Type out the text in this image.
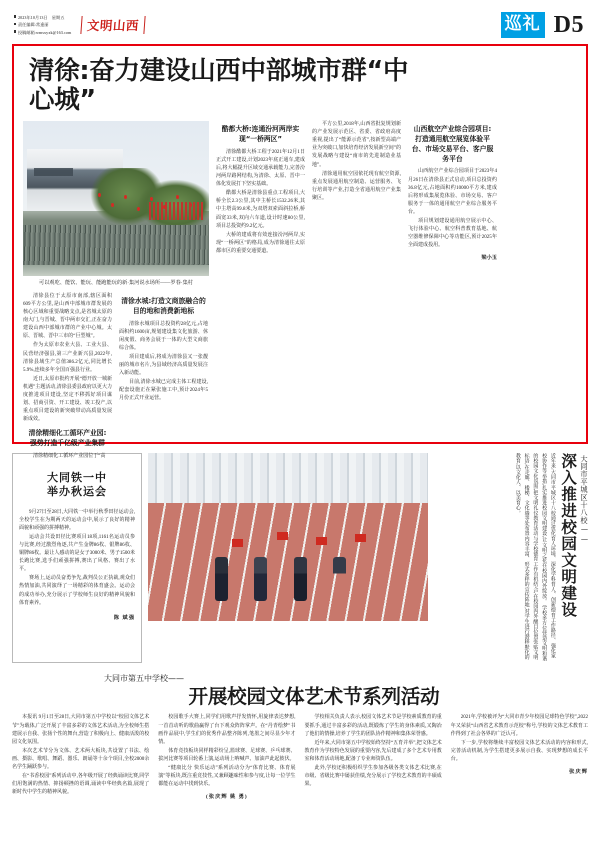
2023年10月13日　星期五
责任编辑:常逢丽
投稿邮箱:wmsxyxk@163.com	文明山西	巡礼 D5
清徐:奋力建设山西中部城市群“中心城”
可以观吃、能饮、能玩、能跑能玩的新·集河说水场所——罗春·集村

清徐县位于太原市南部,辖区面积609平方公里,是山西中部城市群发展的核心区域和重要战略支点,是省城太原的南大门,与晋城、晋中两市交汇,正在奋力建设山西中部城市群的产业中心城。太原、晋城、晋中三市的“巨型城”。

作为太原市农业大县、工业大县、民营经济强县,第三产业新兴县,2022年,清徐县域生产总值386.2亿元,同比增长5.9%,连续多年全国百强县行业。

近日,太原市批约开展“德开放一城新机遇”主题活动,清徐县委县政府以更大力度推进项目建设,坚定不移抓好项目谋划、招商引资、开工建设、竣工投产,以重点项目建设的新突破带动高质量发展新成效。

清徐精细化工循环产业园: 强势打造千亿级产业集群

清徐精细化工循环产业园位于“高

清徐水城:打造文商旅融合的目的地和消费新地标

清徐水城项目总投资约28亿元,占地面积约1600亩,规划建设集文化旅游、休闲度假、商务会展于一体的大型文商旅综合体。

项目建成后,将成为清徐县又一张靓丽的城市名片,为县域经济高质量发展注入新动能。

目前,清徐水城已完成主体工程建设,配套设施正在紧张施工中,预计2024年5月份正式开业运营。

酷都大桥:连通汾河两岸实现“一桥两区”

清徐酷都大桥工程于2021年12月1日正式开工建设,计划2023年底正通车,建成后,将大幅提升区域交通承载能力,完善汾河两岸路网结构,为清徐、太原、晋中一体化发展打下坚实基础。

酷都大桥是清徐县重点工程项目,大桥全长2.3公里,其中主桥长1532.26米,其中主塔高99.8米,为双塔双索面斜拉桥,桥面宽33米,双向六车道,设计时速80公里,项目总投资约9.2亿元。

大桥的建成将有效连接汾河两岸,实现“一桥两区”的格局,成为清徐通往太原都市区的重要交通要道。

平方公里,2018年,山西省批复规划新的产业发展示范区、省委、省政府高度重视,提出了“能源示范省”,按新型高端产业为突破口,加快培育经济发展新空间”的发展战略与建设“南市的先进制造业基地”。

清徐通用航空园依托现有航空资源,重点发展通用航空制造、运营服务、飞行培训等产业,打造全省通用航空产业集聚区。

山西航空产业综合园项目: 打造通用航空展览体验平台、市场交易平台、客户服务平台

山西航空产业综合园项目于2023年4月26日在清徐县正式启动,项目总投资约36.8亿元,占地面积约10000平方米,建成后将形成集展览体验、市场交易、客户服务于一体的通用航空产业综合服务平台。

项目规划建设通用航空展示中心、飞行体验中心、航空科普教育基地、航空器维修保障中心等功能区,预计2025年全面建成投用。

梁小玉
大同铁一中
举办秋运会

9月27日至28日,大同铁一中举行秋季田径运动会,全校学生在为期两天的运动会中,展示了良好的精神面貌和顽强的拼搏精神。

运动会共设田径比赛项目18项,1161名运动员参与比赛,经过激烈角逐,共产生金牌86枚、银牌86枚、铜牌86枚。最让人感动的是女子3000米、男子1500米长跑比赛,选手们顽强拼搏,赛出了风格、赛出了水平。

赛场上,运动员奋勇争先,裁判员公正执裁,观众们热情加油,共同演绎了一场精彩的体育盛会。运动会的成功举办,充分展示了学校师生良好的精神风貌和体育素养。

陈 斌强
大同市平城区十八校——
深入推进校园文明建设
近年来,大同市平城区十八校通过优化育人环境、深化学科育人、创新德育工作路径、强化家校协作等举措,扎实推进校园文明建设,让文明之花在校园内外绽放。 学校多方位营造文明和谐的校园文化氛围,把文明礼仪教育活动与学校德育工作有机结合,在校园内外醒目位置张贴文明标语,在走廊、楼梯、文化墙等处布置内容丰富、形式多样的宣传阵地,对学生进行潜移默化的教育,以文化人、以美育心。
大同市第五中学校——
开展校园文体艺术节系列活动

本报讯 9月1日至28日,大同市第五中学校以“校园文体艺术节”为载体,广泛开展了丰富多彩的文体艺术活动,为全校师生搭建展示自我、张扬个性的舞台,营造了积极向上、健康活泼的校园文化氛围。

本次艺术节分为文体、艺术两大板块,共设置了书法、绘画、摄影、歌唱、舞蹈、器乐、朗诵等十余个项目,全校2000余名学生踊跃参与。

在“书香校园”系列活动中,各年级开展了经典诵读比赛,同学们用饱满的热情、抑扬顿挫的语调,诵读中华经典名篇,展现了新时代中学生的精神风貌。

校园歌手大赛上,同学们用歌声抒发情怀,用旋律表达梦想,一首首动听的歌曲赢得了台下观众阵阵掌声。在“丹青绘梦”书画作品展中,学生们的优秀作品整齐陈列,笔墨之间尽显少年才情。

体育竞技板块同样精彩纷呈,篮球赛、足球赛、乒乓球赛、拔河比赛等项目轮番上演,运动场上呐喊声、加油声此起彼伏。

“健康比分 快乐运动”系列活动分为“体育比赛、体育展演”等板块,既注重竞技性,又兼顾趣味性和参与度,让每一位学生都能在运动中找到快乐。

(张庆辉 姚 勇)

学校相关负责人表示,校园文体艺术节是学校素质教育的重要抓手,通过丰富多彩的活动,既锻炼了学生的身体素质,又陶冶了他们的情操,培养了学生的团队协作精神和集体荣誉感。

近年来,大同市第五中学校始终坚持“五育并举”,把文体艺术教育作为学校特色发展的重要内容,先后建成了多个艺术专用教室和体育活动场地,配备了专业师资队伍。

此外,学校还积极组织学生参加各级各类文体艺术比赛,在市级、省级比赛中屡获佳绩,充分展示了学校艺术教育的丰硕成果。

2021年,学校被评为“大同市青少年校园足球特色学校”,2022年又荣获“山西省艺术教育示范校”称号,学校的文体艺术教育工作得到了社会各界的广泛认可。

下一步,学校将继续丰富校园文体艺术活动的内容和形式,完善活动机制,为学生搭建更多展示自我、实现梦想的成长平台。

张庆辉
